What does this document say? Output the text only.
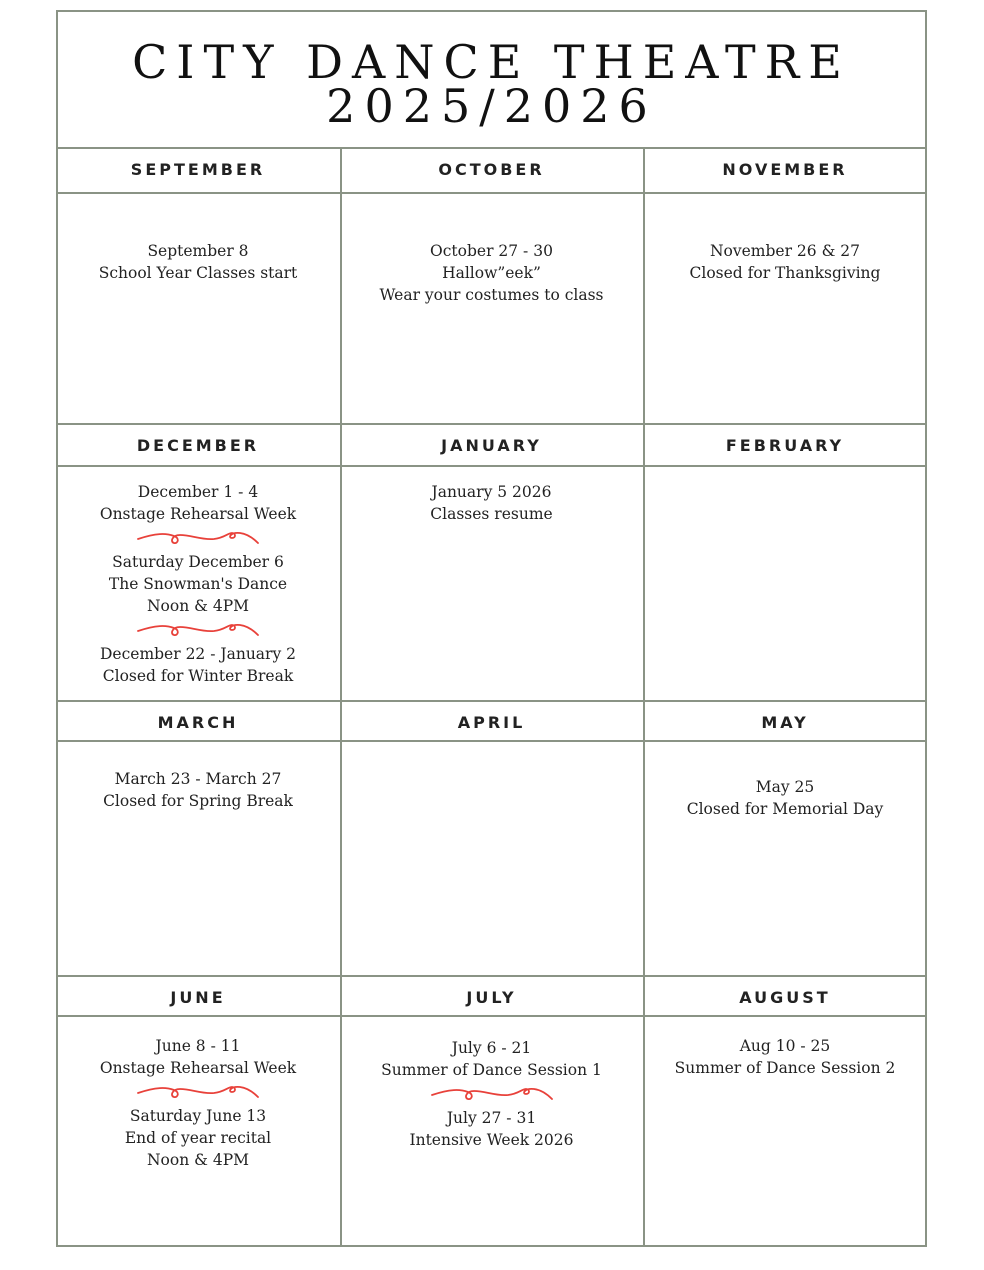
CITY DANCE THEATRE
2025/2026
SEPTEMBER
September 8
School Year Classes start
OCTOBER
October 27 - 30
Hallow”eek”
Wear your costumes to class
NOVEMBER
November 26 & 27
Closed for Thanksgiving
DECEMBER
December 1 - 4
Onstage Rehearsal Week
Saturday December 6
The Snowman's Dance
Noon & 4PM
December 22 - January 2
Closed for Winter Break
JANUARY
January 5 2026
Classes resume
FEBRUARY
MARCH
March 23 - March 27
Closed for Spring Break
APRIL	MAY
May 25
Closed for Memorial Day
JUNE
June 8 - 11
Onstage Rehearsal Week
Saturday June 13
End of year recital
Noon & 4PM
JULY
July 6 - 21
Summer of Dance Session 1
July 27 - 31
Intensive Week 2026
AUGUST
Aug 10 - 25
Summer of Dance Session 2
